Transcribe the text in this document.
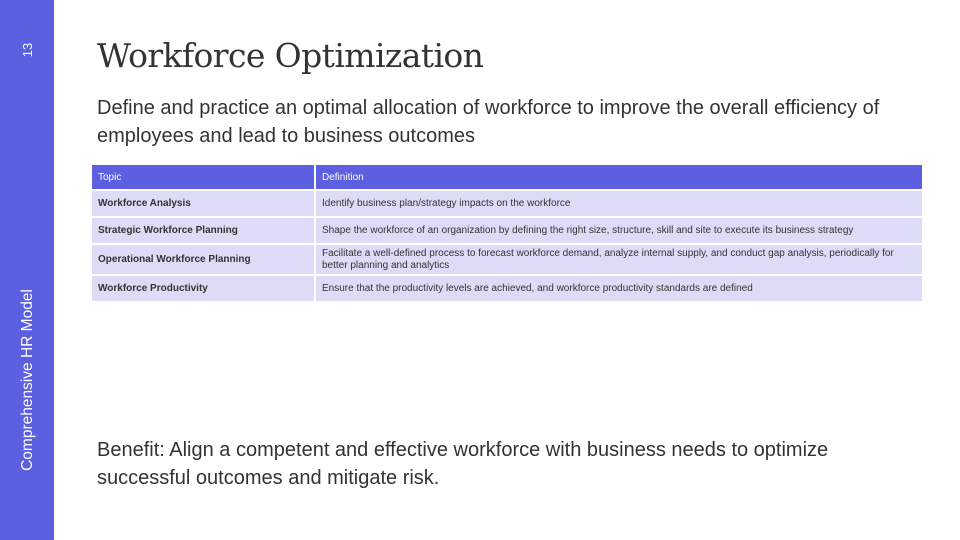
13
Comprehensive HR Model
Workforce Optimization
Define and practice an optimal allocation of workforce to improve the overall efficiency of employees and lead to business outcomes
Topic	Definition
Workforce Analysis	Identify business plan/strategy impacts on the workforce
Strategic Workforce Planning	Shape the workforce of an organization by defining the right size, structure, skill and site to execute its business strategy
Operational Workforce Planning	Facilitate a well-defined process to forecast workforce demand, analyze internal supply, and conduct gap analysis, periodically for better planning and analytics
Workforce Productivity	Ensure that the productivity levels are achieved, and workforce productivity standards are defined
Benefit: Align a competent and effective workforce with business needs to optimize successful outcomes and mitigate risk.
